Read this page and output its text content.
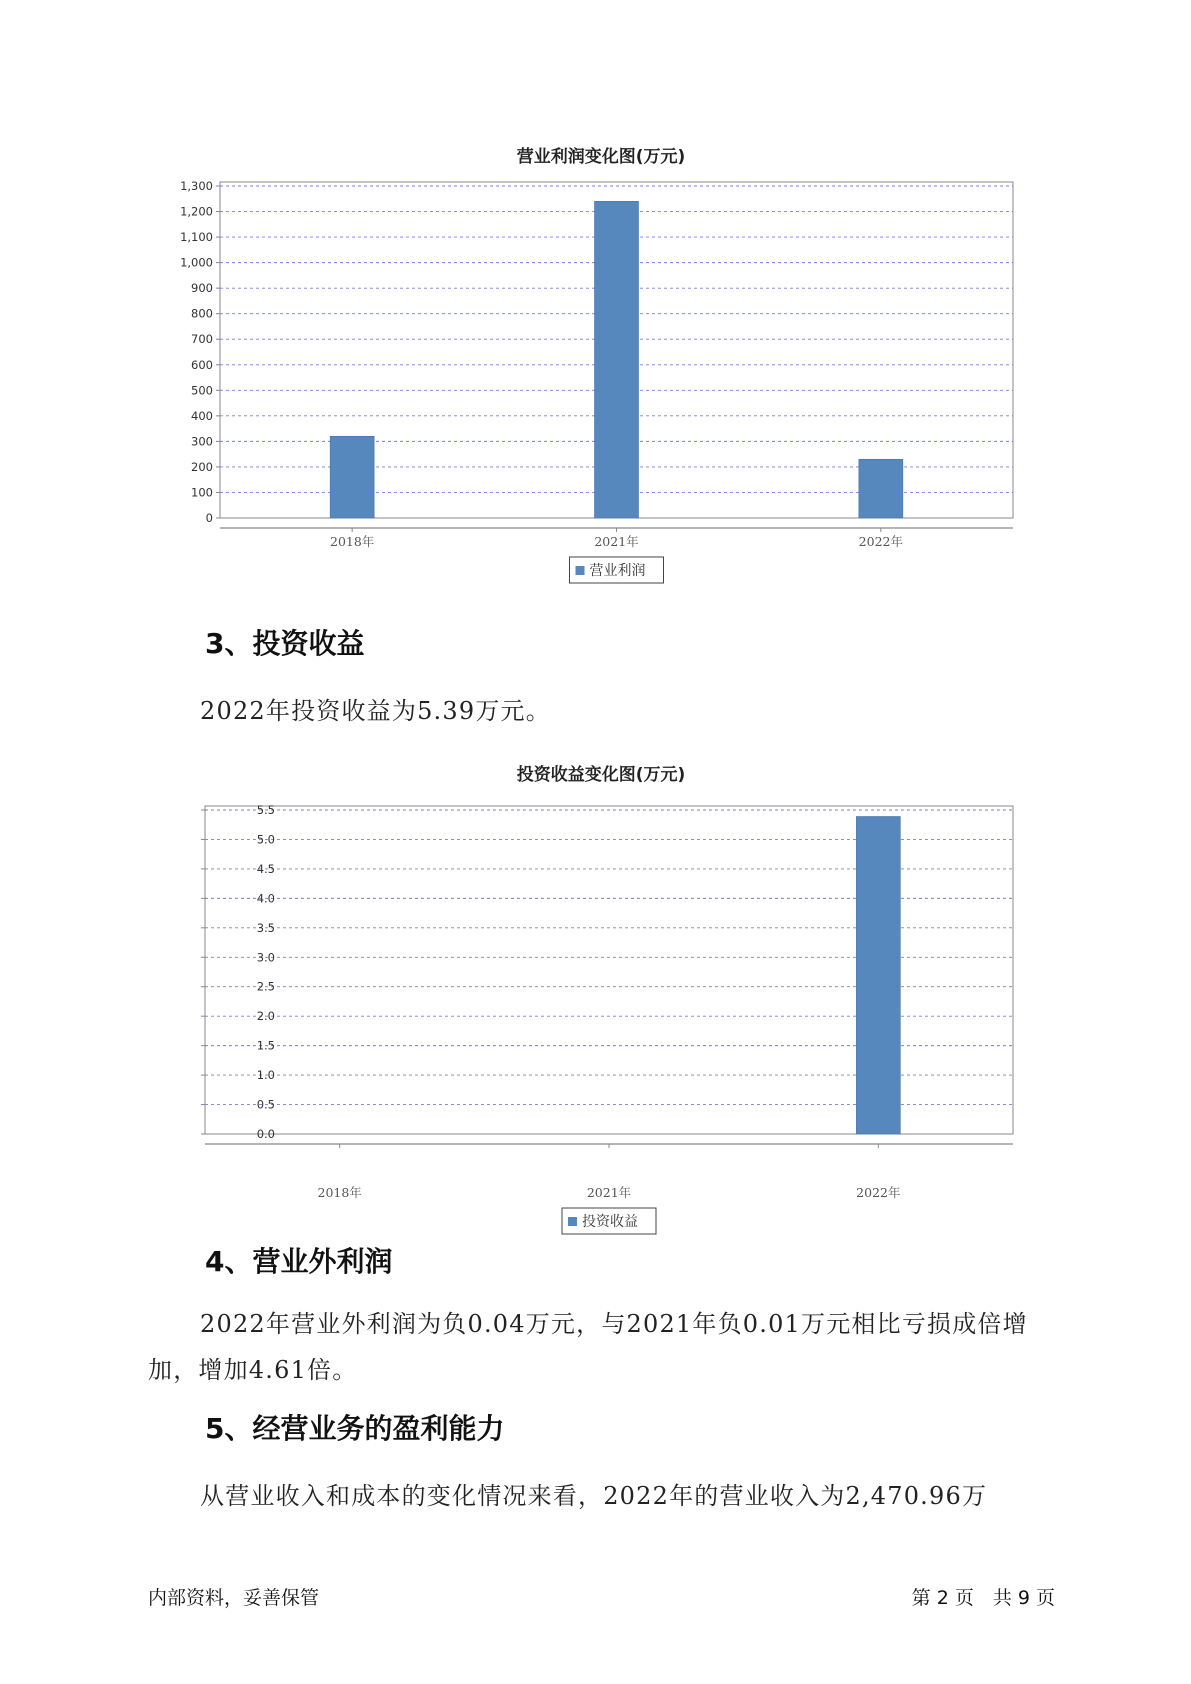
营业利润变化图(万元)
0
100
200
300
400
500
600
700
800
900
1,000
1,100
1,200
1,300
2018年	2021年	2022年
营业利润
投资收益变化图(万元)
0.0
0.5
1.0
1.5
2.0
2.5
3.0
3.5
4.0
4.5
5.0
5.5
2018年	2021年	2022年
投资收益
3、投资收益

2022年投资收益为5.39万元。

4、营业外利润

2022年营业外利润为负0.04万元，与2021年负0.01万元相比亏损成倍增加，增加4.61倍。

5、经营业务的盈利能力

从营业收入和成本的变化情况来看，2022年的营业收入为2,470.96万

内部资料，妥善保管	第 2 页　共 9 页
